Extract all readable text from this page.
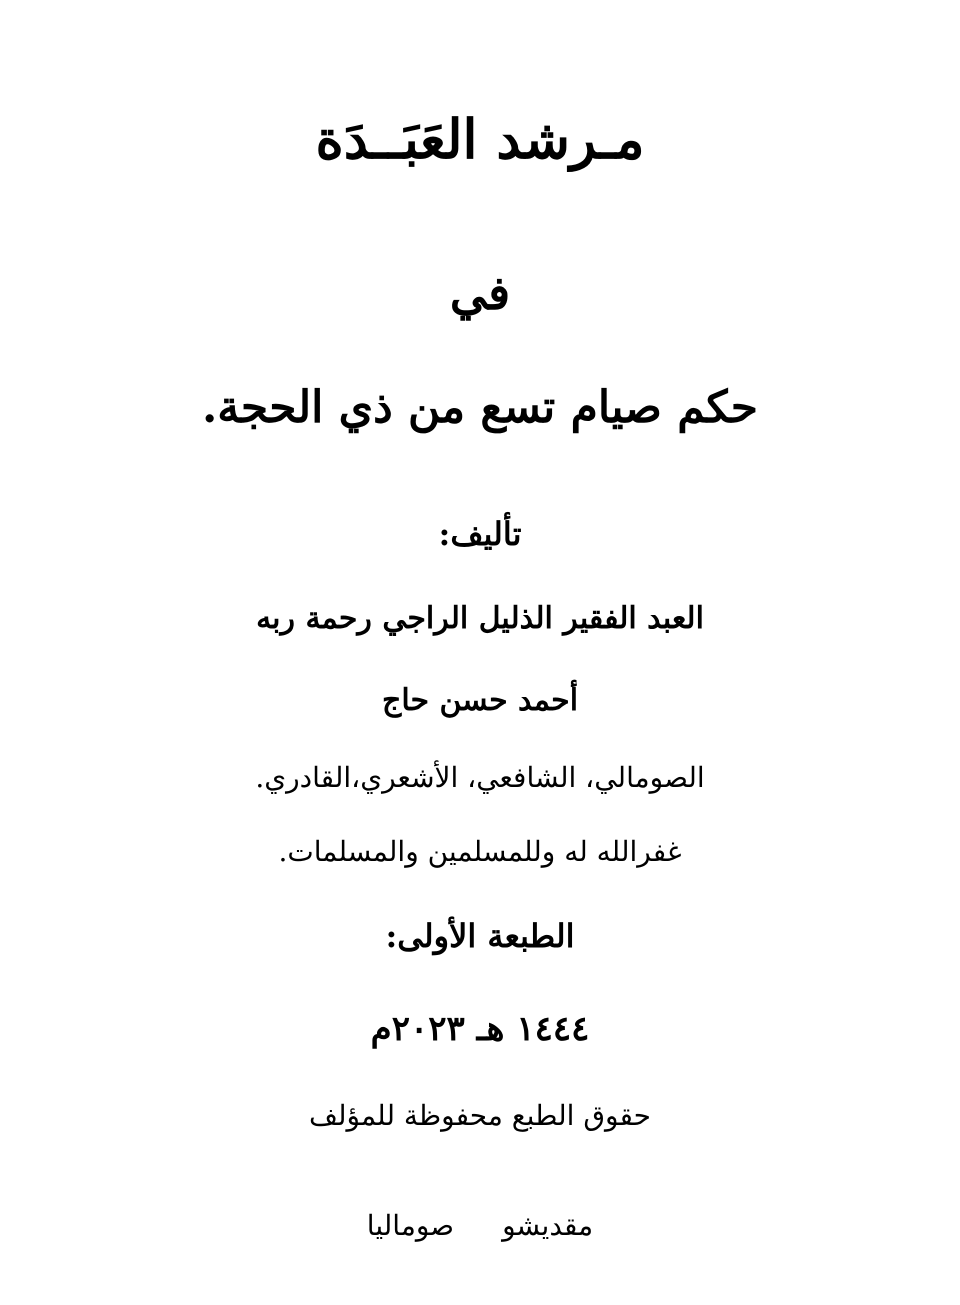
مـرشد العَبَــدَة
في
حكم صيام تسع من ذي الحجة.
تأليف:
العبد الفقير الذليل الراجي رحمة ربه
أحمد حسن حاج
الصومالي، الشافعي، الأشعري،القادري.
غفرالله له وللمسلمين والمسلمات.
الطبعة الأولى:
١٤٤٤ هـ ٢٠٢٣م
حقوق الطبع محفوظة للمؤلف
مقديشوصوماليا
